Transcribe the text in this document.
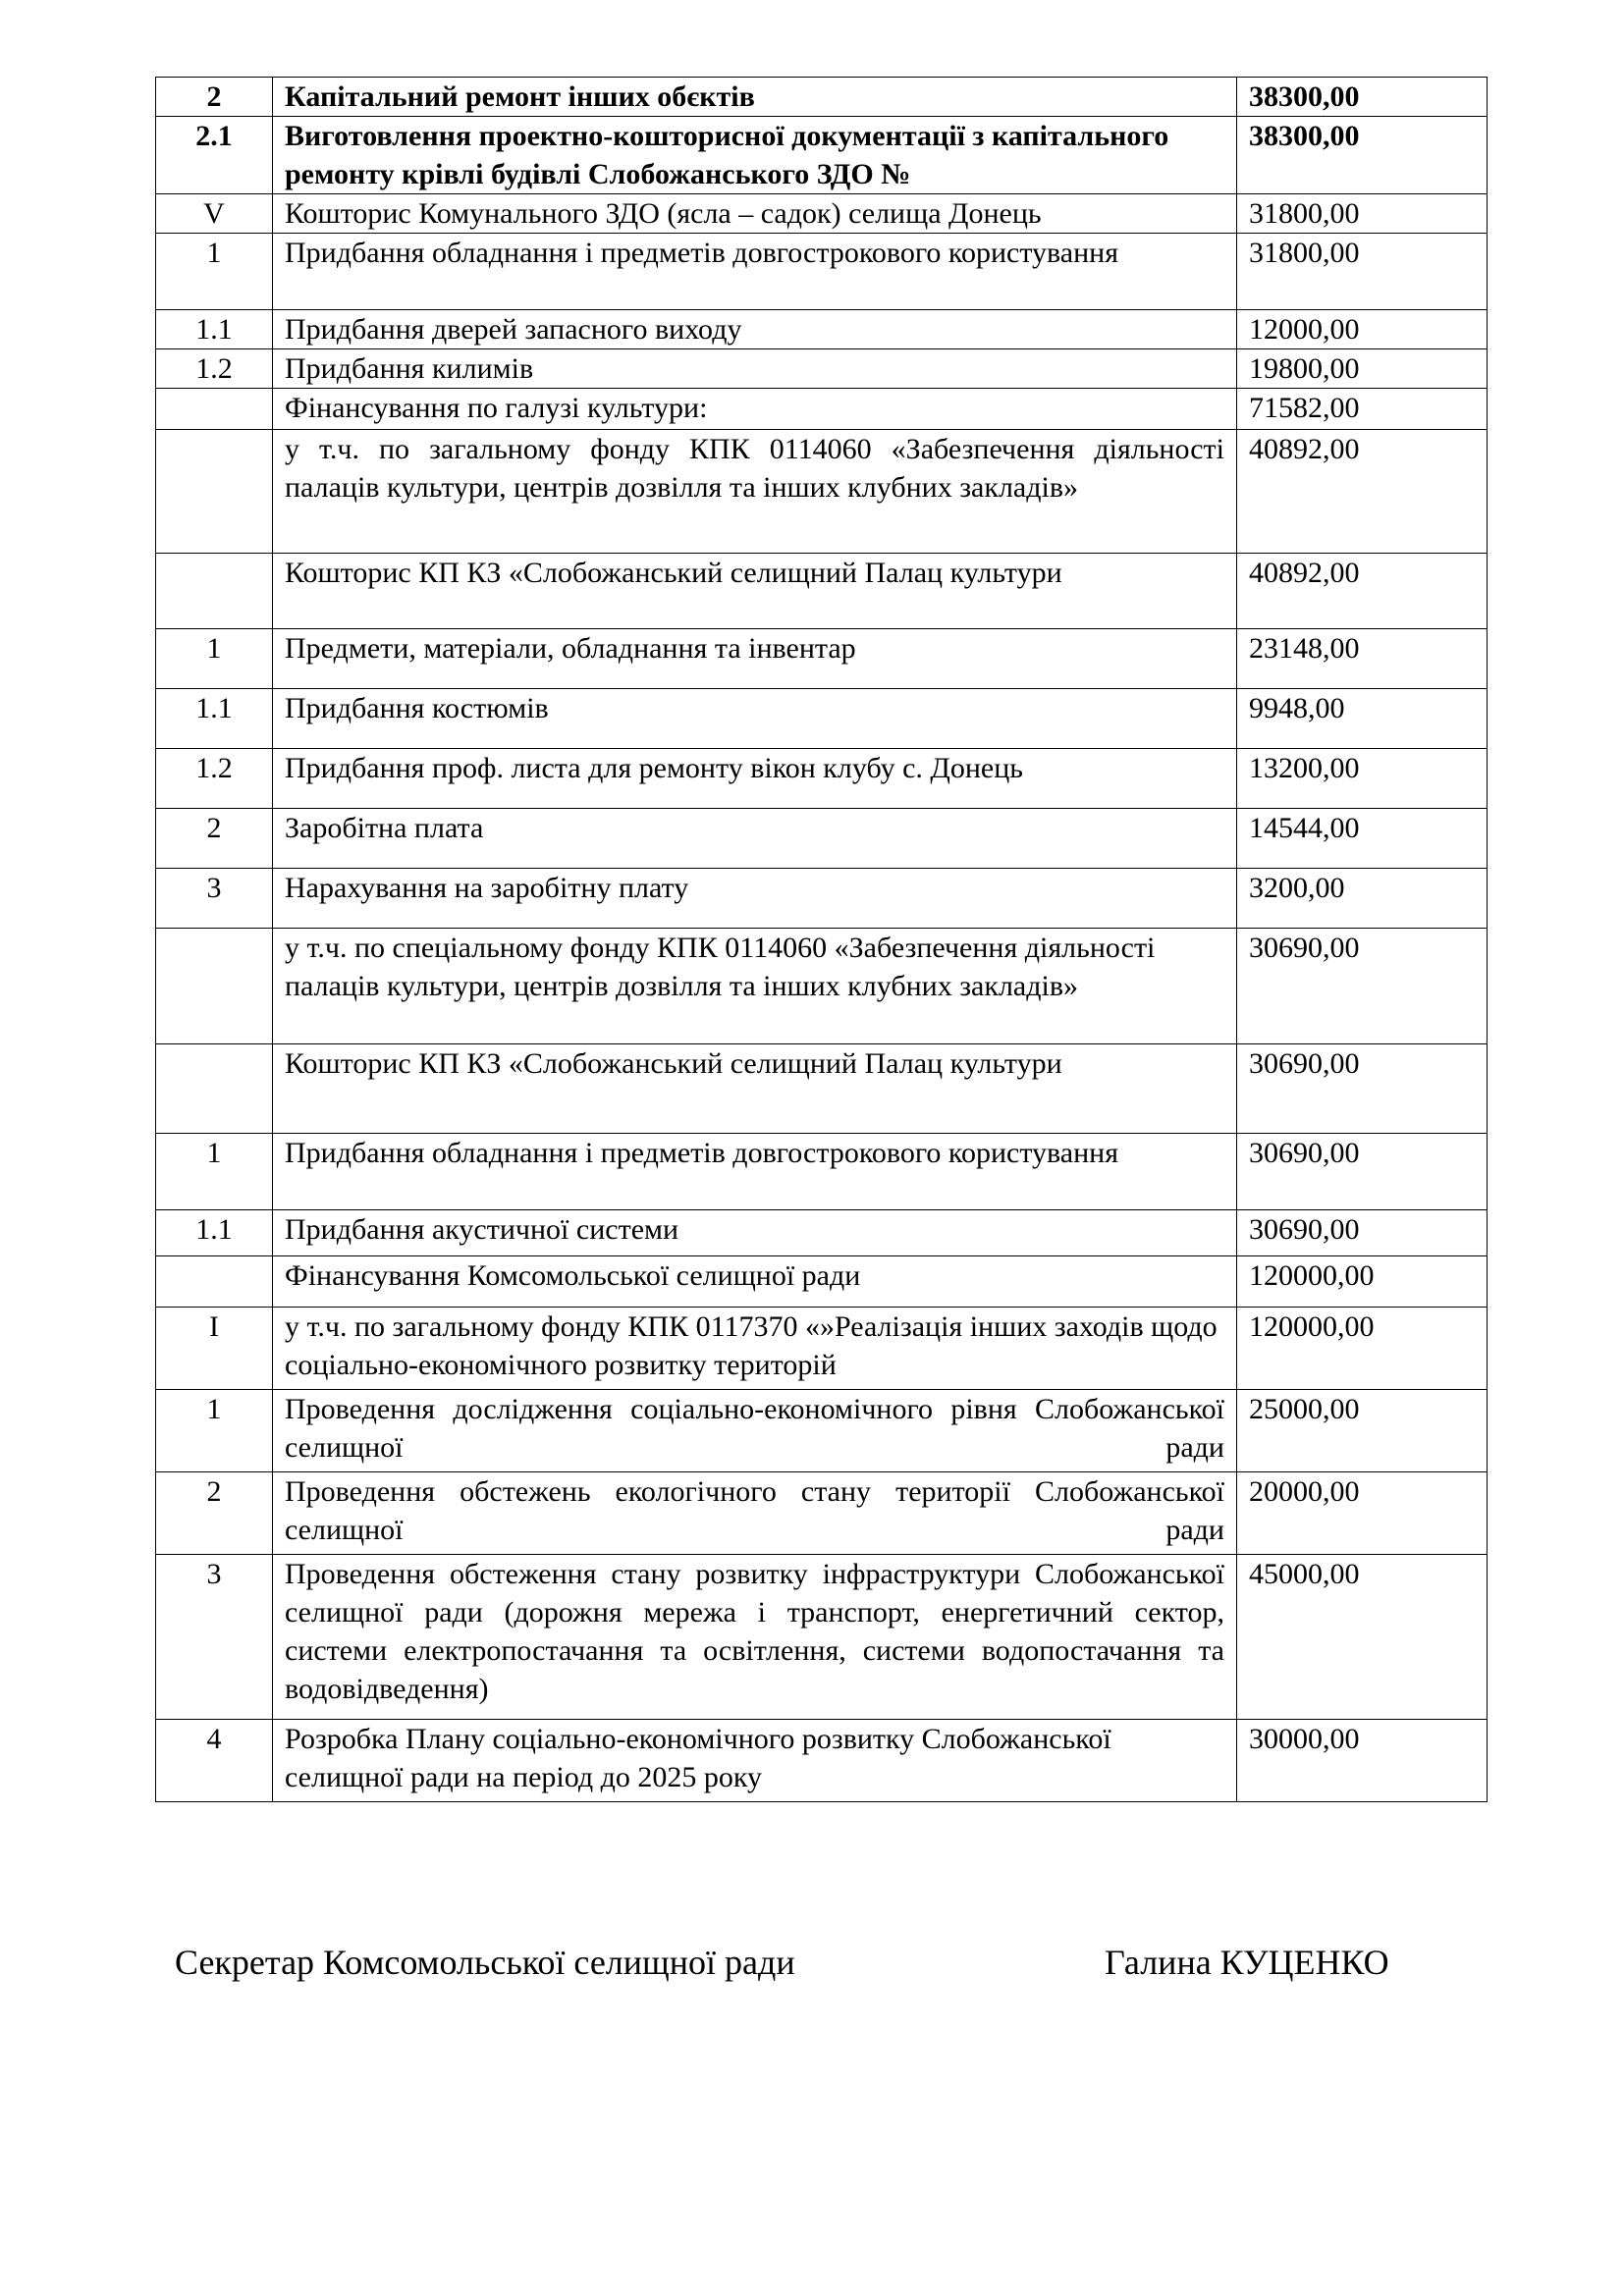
2	Капітальний ремонт інших обєктів	38300,00
2.1	Виготовлення проектно-кошторисної документації з капітального ремонту крівлі будівлі Слобожанського ЗДО №	38300,00
V	Кошторис Комунального ЗДО (ясла – садок) селища Донець	31800,00
1	Придбання обладнання і предметів довгострокового користування	31800,00
1.1	Придбання дверей запасного виходу	12000,00
1.2	Придбання килимів	19800,00
	Фінансування по галузі культури:	71582,00
	у т.ч. по загальному фонду КПК 0114060 «Забезпечення діяльності палаців культури, центрів дозвілля та інших клубних закладів»	40892,00
	Кошторис КП КЗ «Слобожанський селищний Палац культури	40892,00
1	Предмети, матеріали, обладнання та інвентар	23148,00
1.1	Придбання костюмів	9948,00
1.2	Придбання проф. листа для ремонту вікон клубу с. Донець	13200,00
2	Заробітна плата	14544,00
3	Нарахування на заробітну плату	3200,00
	у т.ч. по спеціальному фонду КПК 0114060 «Забезпечення діяльності палаців культури, центрів дозвілля та інших клубних закладів»	30690,00
	Кошторис КП КЗ «Слобожанський селищний Палац культури	30690,00
1	Придбання обладнання і предметів довгострокового користування	30690,00
1.1	Придбання акустичної системи	30690,00
	Фінансування Комсомольської селищної ради	120000,00
I	у т.ч. по загальному фонду КПК 0117370 «»Реалізація інших заходів щодо соціально-економічного розвитку територій	120000,00
1	Проведення дослідження соціально-економічного рівня Слобожанської селищної ради	25000,00
2	Проведення обстежень екологічного стану території Слобожанської селищної ради	20000,00
3	Проведення обстеження стану розвитку інфраструктури Слобожанської селищної ради (дорожня мережа і транспорт, енергетичний сектор, системи електропостачання та освітлення, системи водопостачання та водовідведення)	45000,00
4	Розробка Плану соціально-економічного розвитку Слобожанської селищної ради на період до 2025 року	30000,00
Секретар Комсомольської селищної ради	Галина КУЦЕНКО
